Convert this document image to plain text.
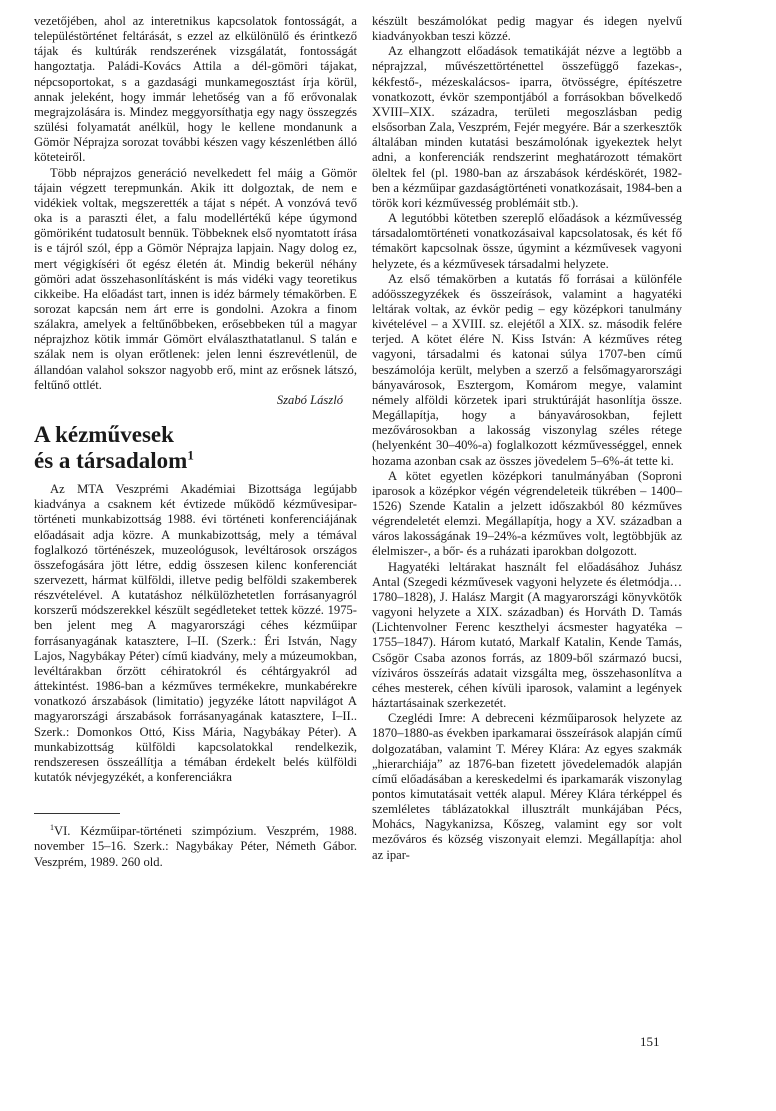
vezetőjében, ahol az interetnikus kapcsolatok fontosságát, a településtörténet feltárását, s ezzel az elkülönülő és érintkező tájak és kultúrák rendszerének vizsgálatát, fontosságát hangoztatja. Paládi-Kovács Attila a dél-gömöri tájakat, népcsoportokat, s a gazdasági munkamegosztást írja körül, annak jeleként, hogy immár lehetőség van a fő erővonalak megrajzolására is. Mindez meggyorsíthatja egy nagy összegzés szülési folyamatát anélkül, hogy le kellene mondanunk a Gömör Néprajza sorozat további készen vagy készenlétben álló köteteiről.

Több néprajzos generáció nevelkedett fel máig a Gömör tájain végzett terepmunkán. Akik itt dolgoztak, de nem e vidékiek voltak, megszerették a tájat s népét. A vonzóvá tevő oka is a paraszti élet, a falu modellértékű képe úgymond gömöriként tudatosult bennük. Többeknek első nyomtatott írása is e tájról szól, épp a Gömör Néprajza lapjain. Nagy dolog ez, mert végigkíséri őt egész életén át. Mindig bekerül néhány gömöri adat összehasonlításként is más vidéki vagy teoretikus cikkeibe. Ha előadást tart, innen is idéz bármely témakörben. E sorozat kapcsán nem árt erre is gondolni. Azokra a finom szálakra, amelyek a feltűnőbbeken, erősebbeken túl a magyar néprajzhoz kötik immár Gömört elválaszthatatlanul. S talán e szálak nem is olyan erőtlenek: jelen lenni észrevétlenül, de állandóan valahol sokszor nagyobb erő, mint az erősnek látszó, feltűnő ottlét.

Szabó László

A kézművesek
és a társadalom$^1$

Az MTA Veszprémi Akadémiai Bizottsága legújabb kiadványa a csaknem két évtizede működő kézművesipar-történeti munkabizottság 1988. évi történeti konferenciájának előadásait adja közre. A munkabizottság, mely a témával foglalkozó történészek, muzeológusok, levéltárosok országos összefogására jött létre, eddig összesen kilenc konferenciát szervezett, hármat külföldi, illetve pedig belföldi szakemberek részvételével. A kutatáshoz nélkülözhetetlen forrásanyagról korszerű módszerekkel készült segédleteket tettek közzé. 1975-ben jelent meg A magyarországi céhes kézműipar forrásanyagának katasztere, I–II. (Szerk.: Éri István, Nagy Lajos, Nagybákay Péter) című kiadvány, mely a múzeumokban, levéltárakban őrzött céhiratokról és céhtárgyakról ad áttekintést. 1986-ban a kézműves termékekre, munkabérekre vonatkozó árszabások (limitatio) jegyzéke látott napvilágot A magyarországi árszabások forrásanyagának katasztere, I–II.. Szerk.: Domonkos Ottó, Kiss Mária, Nagybákay Péter). A munkabizottság külföldi kapcsolatokkal rendelkezik, rendszeresen összeállítja a témában érdekelt belés külföldi kutatók névjegyzékét, a konferenciákra

$^1$VI. Kézműipar-történeti szimpózium. Veszprém, 1988. november 15–16. Szerk.: Nagybákay Péter, Németh Gábor. Veszprém, 1989. 260 old.

készült beszámolókat pedig magyar és idegen nyelvű kiadványokban teszi közzé.

Az elhangzott előadások tematikáját nézve a legtöbb a néprajzzal, művészettörténettel összefüggő fazekas-, kékfestő-, mézeskalácsos- iparra, ötvösségre, építészetre vonatkozott, évkör szempontjából a forrásokban bővelkedő XVIII–XIX. századra, területi megoszlásban pedig elsősorban Zala, Veszprém, Fejér megyére. Bár a szerkesztők általában minden kutatási beszámolónak igyekeztek helyt adni, a konferenciák rendszerint meghatározott témakört öleltek fel (pl. 1980-ban az árszabások kérdéskörét, 1982-ben a kézműipar gazdaságtörténeti vonatkozásait, 1984-ben a török kori kézművesség problémáit stb.).

A legutóbbi kötetben szereplő előadások a kézművesség társadalomtörténeti vonatkozásaival kapcsolatosak, és két fő témakört kapcsolnak össze, úgymint a kézművesek vagyoni helyzete, és a kézművesek társadalmi helyzete.

Az első témakörben a kutatás fő forrásai a különféle adóösszegyzékek és összeírások, valamint a hagyatéki leltárak voltak, az évkör pedig – egy középkori tanulmány kivételével – a XVIII. sz. elejétől a XIX. sz. második felére terjed. A kötet élére N. Kiss István: A kézműves réteg vagyoni, társadalmi és katonai súlya 1707-ben című beszámolója került, melyben a szerző a felsőmagyarországi bányavárosok, Esztergom, Komárom megye, valamint némely alföldi körzetek ipari struktúráját hasonlítja össze. Megállapítja, hogy a bányavárosokban, fejlett mezővárosokban a lakosság viszonylag széles rétege (helyenként 30–40%-a) foglalkozott kézművességgel, ennek hozama azonban csak az összes jövedelem 5–6%-át tette ki.

A kötet egyetlen középkori tanulmányában (Soproni iparosok a középkor végén végrendeleteik tükrében – 1400–1526) Szende Katalin a jelzett időszakból 80 kézműves végrendeletét elemzi. Megállapítja, hogy a XV. században a város lakosságának 19–24%-a kézműves volt, legtöbbjük az élelmiszer-, a bőr- és a ruházati iparokban dolgozott.

Hagyatéki leltárakat használt fel előadásához Juhász Antal (Szegedi kézművesek vagyoni helyzete és életmódja… 1780–1828), J. Halász Margit (A magyarországi könyvkötők vagyoni helyzete a XIX. században) és Horváth D. Tamás (Lichtenvolner Ferenc keszthelyi ácsmester hagyatéka – 1755–1847). Három kutató, Markalf Katalin, Kende Tamás, Csőgör Csaba azonos forrás, az 1809-ből származó bucsi, víziváros összeírás adatait vizsgálta meg, összehasonlítva a céhes mesterek, céhen kívüli iparosok, valamint a legények háztartásainak szerkezetét.

Czeglédi Imre: A debreceni kézműiparosok helyzete az 1870–1880-as években iparkamarai összeírások alapján című dolgozatában, valamint T. Mérey Klára: Az egyes szakmák „hierarchiája” az 1876-ban fizetett jövedelemadók alapján című előadásában a kereskedelmi és iparkamarák viszonylag pontos kimutatásait vették alapul. Mérey Klára térképpel és szemléletes táblázatokkal illusztrált munkájában Pécs, Mohács, Nagykanizsa, Kőszeg, valamint egy sor volt mezőváros és község viszonyait elemzi. Megállapítja: ahol az ipar-

151
